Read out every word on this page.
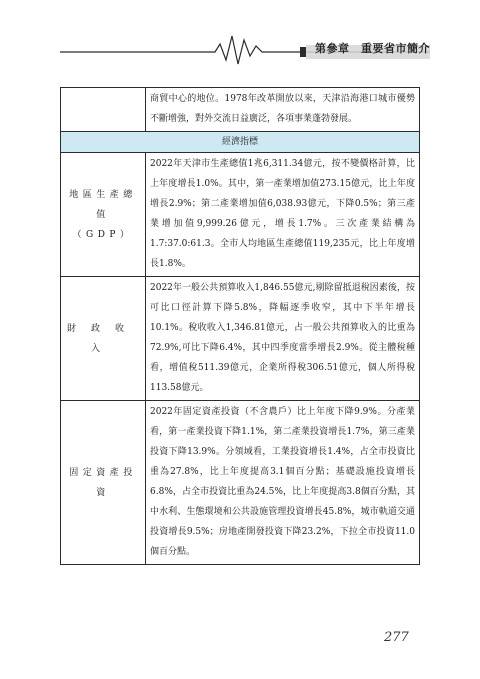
第參章　重要省市簡介
	商貿中心的地位。1978年改革開放以來，天津沿海港口城市優勢不斷增強，對外交流日益廣泛，各項事業蓬勃發展。
經濟指標	

地區生產總值
（GDP）	2022年天津市生產總值1兆6,311.34億元，按不變價格計算，比上年度增長1.0%。其中，第一產業增加值273.15億元，比上年度增長2.9%；第二產業增加值6,038.93億元，下降0.5%；第三產業增加值9,999.26億元，增長1.7%。三次產業結構為1.7:37.0:61.3。全市人均地區生產總值119,235元，比上年度增長1.8%。

財政收入	2022年一般公共預算收入1,846.55億元,剔除留抵退稅因素後，按可比口徑計算下降5.8%，降幅逐季收窄，其中下半年增長10.1%。稅收收入1,346.81億元，占一般公共預算收入的比重為72.9%,可比下降6.4%，其中四季度當季增長2.9%。從主體稅種看，增值稅511.39億元，企業所得稅306.51億元，個人所得稅113.58億元。

固定資產投資	2022年固定資產投資（不含農戶）比上年度下降9.9%。分產業看，第一產業投資下降1.1%，第二產業投資增長1.7%，第三產業投資下降13.9%。分領域看，工業投資增長1.4%，占全市投資比重為27.8%，比上年度提高3.1個百分點；基礎設施投資增長6.8%，占全市投資比重為24.5%，比上年度提高3.8個百分點，其中水利、生態環境和公共設施管理投資增長45.8%，城市軌道交通投資增長9.5%；房地產開發投資下降23.2%，下拉全市投資11.0個百分點。
277
